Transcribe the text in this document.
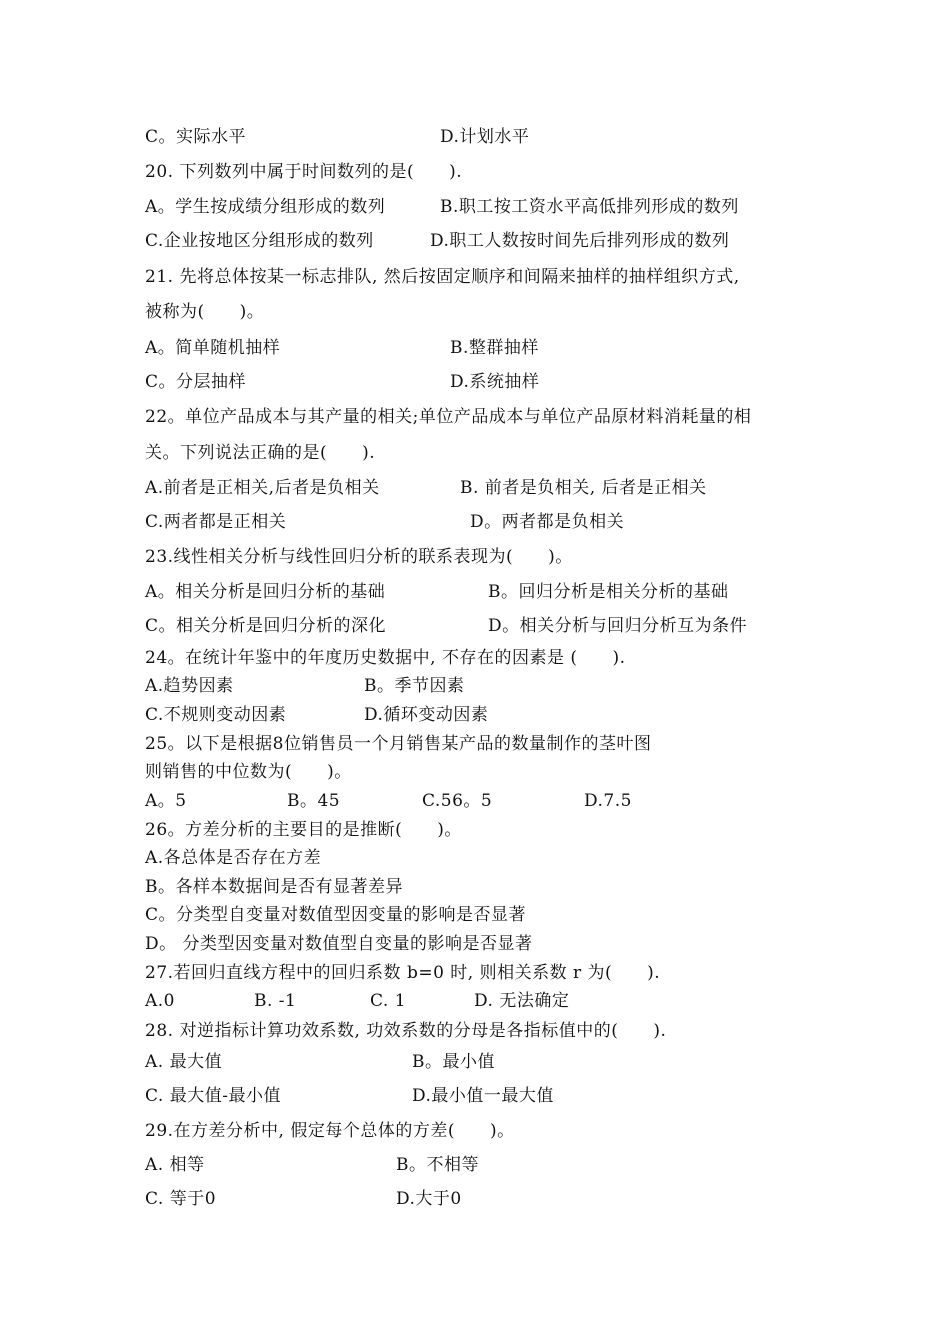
C。实际水平	D.计划水平
20. 下列数列中属于时间数列的是(　　).
A。学生按成绩分组形成的数列	B.职工按工资水平高低排列形成的数列
C.企业按地区分组形成的数列	D.职工人数按时间先后排列形成的数列
21. 先将总体按某一标志排队, 然后按固定顺序和间隔来抽样的抽样组织方式,
被称为(　　)。
A。简单随机抽样	B.整群抽样
C。分层抽样	D.系统抽样
22。单位产品成本与其产量的相关;单位产品成本与单位产品原材料消耗量的相
关。下列说法正确的是(　　).
A.前者是正相关,后者是负相关	B. 前者是负相关, 后者是正相关
C.两者都是正相关	D。两者都是负相关
23.线性相关分析与线性回归分析的联系表现为(　　)。
A。相关分析是回归分析的基础	B。回归分析是相关分析的基础
C。相关分析是回归分析的深化	D。相关分析与回归分析互为条件
24。在统计年鉴中的年度历史数据中, 不存在的因素是 (　　).
A.趋势因素	B。季节因素
C.不规则变动因素	D.循环变动因素
25。以下是根据8位销售员一个月销售某产品的数量制作的茎叶图
则销售的中位数为(　　)。
A。5	B。45	C.56。5	D.7.5
26。方差分析的主要目的是推断(　　)。
A.各总体是否存在方差
B。各样本数据间是否有显著差异
C。分类型自变量对数值型因变量的影响是否显著
D。 分类型因变量对数值型自变量的影响是否显著
27.若回归直线方程中的回归系数 b=0 时, 则相关系数 r 为(　　).
A.0	B. -1	C. 1	D. 无法确定
28. 对逆指标计算功效系数, 功效系数的分母是各指标值中的(　　).
A. 最大值	B。最小值
C. 最大值-最小值	D.最小值一最大值
29.在方差分析中, 假定每个总体的方差(　　)。
A. 相等	B。不相等
C. 等于0	D.大于0
